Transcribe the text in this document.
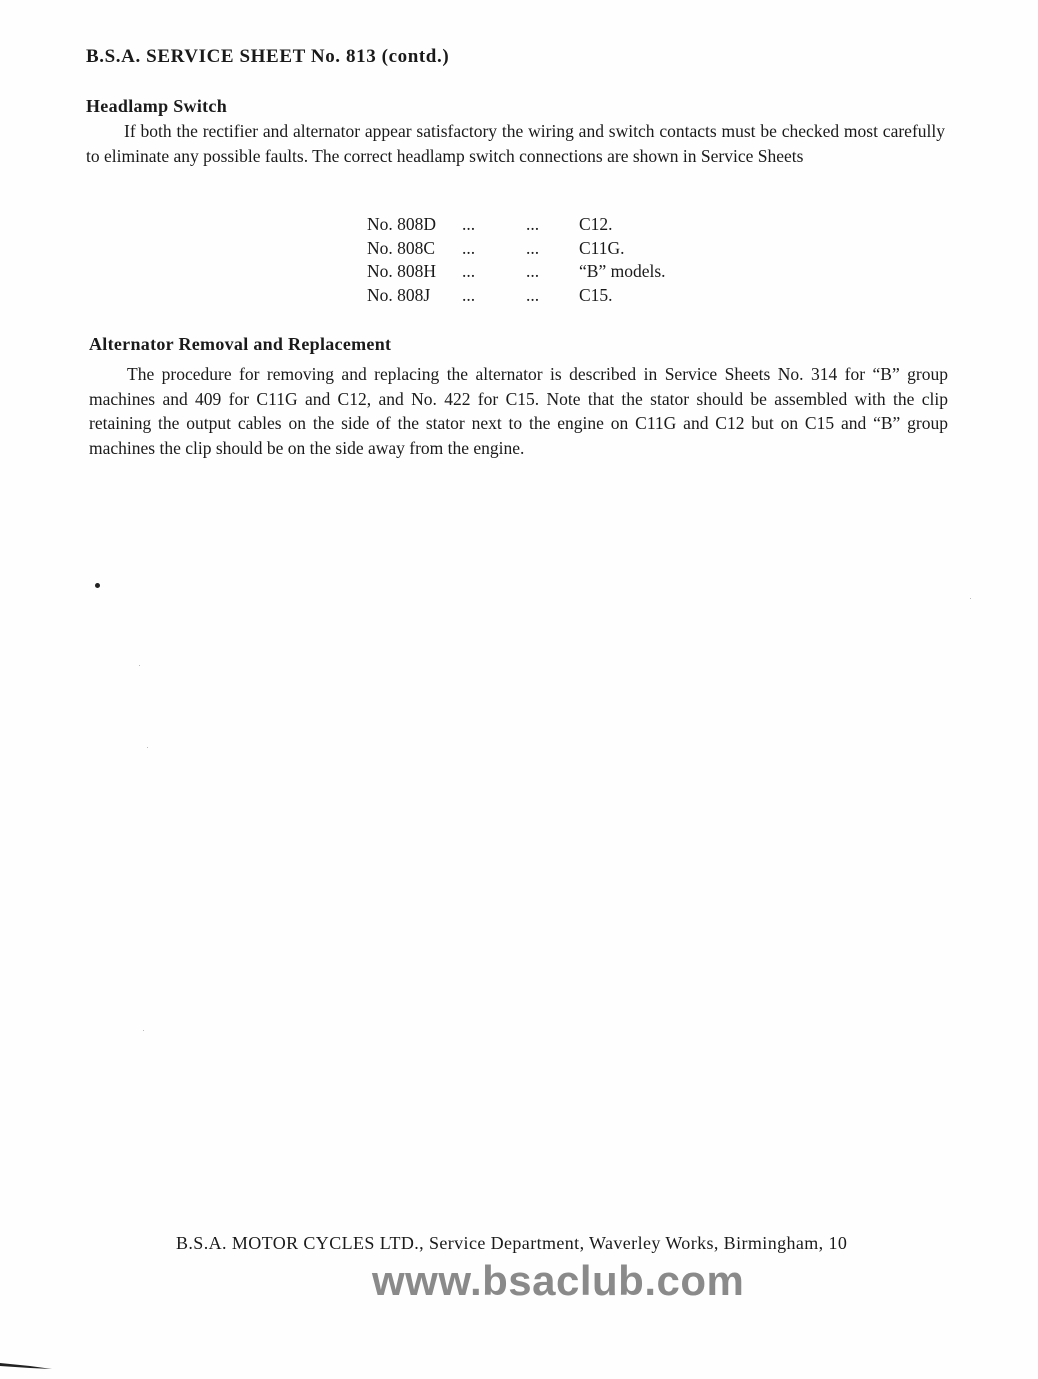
B.S.A. SERVICE SHEET No. 813 (contd.)
Headlamp Switch
If both the rectifier and alternator appear satisfactory the wiring and switch contacts must be checked most carefully to eliminate any possible faults. The correct headlamp switch connections are shown in Service Sheets
No. 808D	...	...	C12.
No. 808C	...	...	C11G.
No. 808H	...	...	“B” models.
No. 808J	...	...	C15.
Alternator Removal and Replacement
The procedure for removing and replacing the alternator is described in Service Sheets No. 314 for “B” group machines and 409 for C11G and C12, and No. 422 for C15. Note that the stator should be assembled with the clip retaining the output cables on the side of the stator next to the engine on C11G and C12 but on C15 and “B” group machines the clip should be on the side away from the engine.
B.S.A. MOTOR CYCLES LTD., Service Department, Waverley Works, Birmingham, 10
www.bsaclub.com
